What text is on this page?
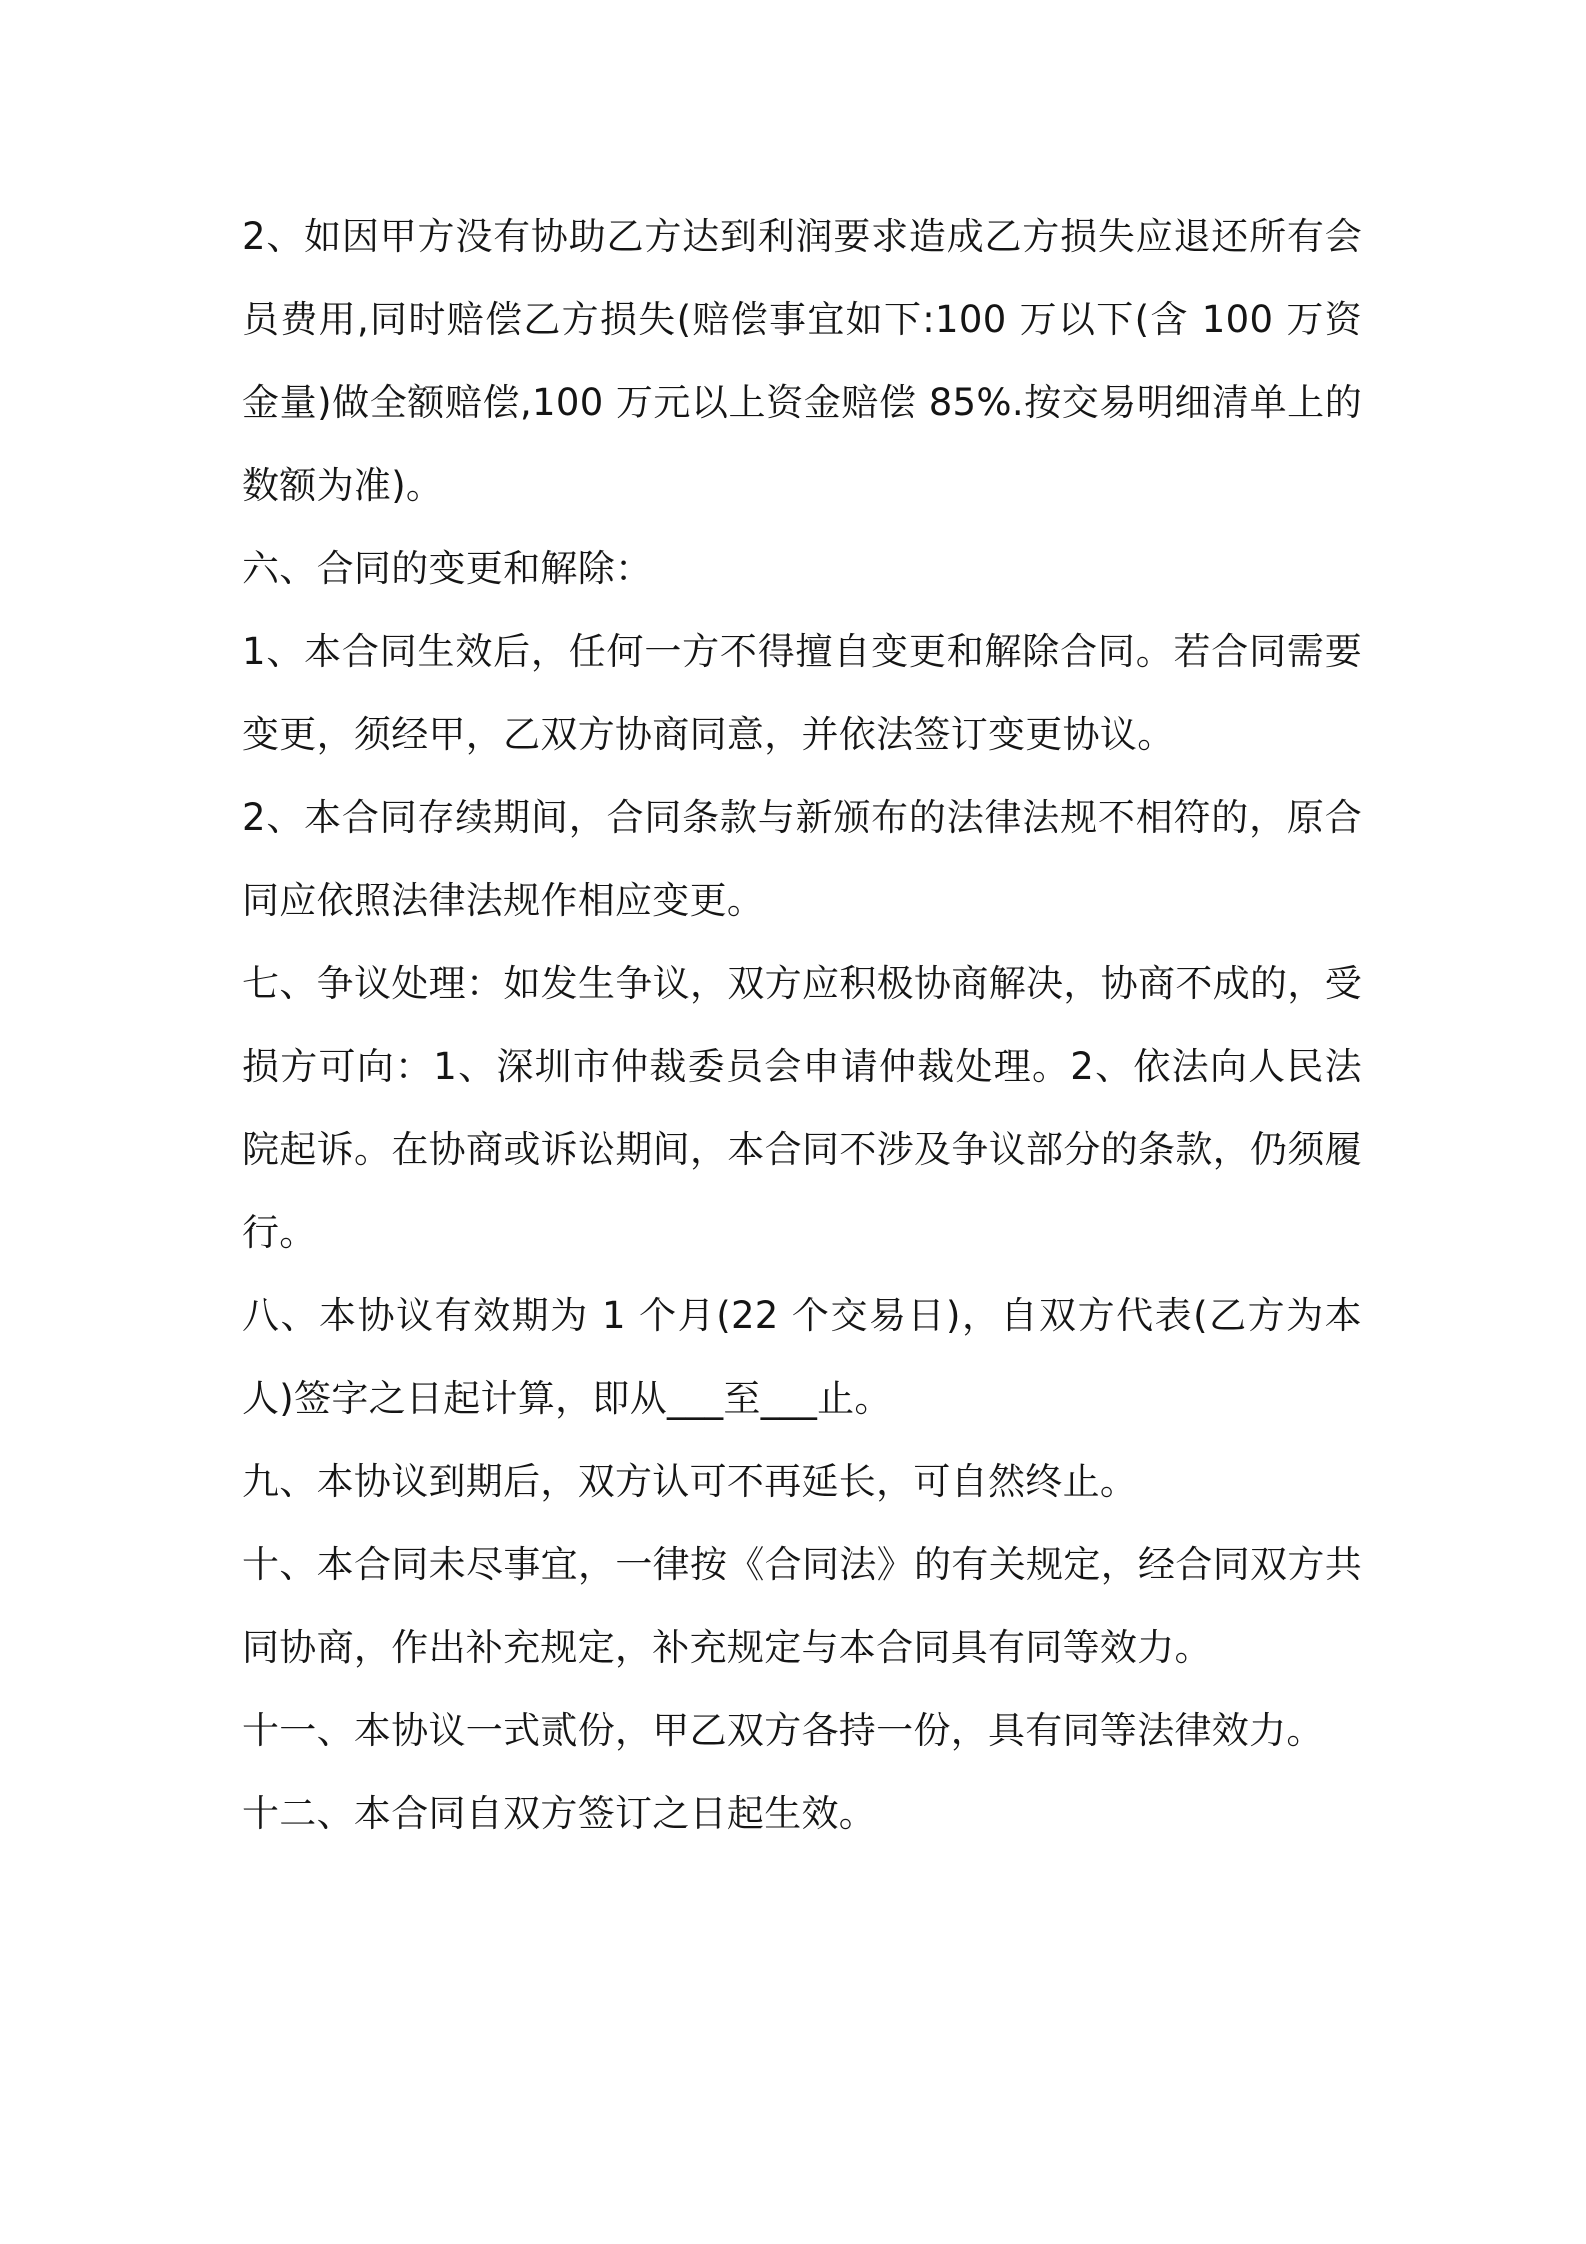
2、如因甲方没有协助乙方达到利润要求造成乙方损失应退还所有会员费用,同时赔偿乙方损失(赔偿事宜如下:100 万以下(含 100 万资金量)做全额赔偿,100 万元以上资金赔偿 85%.按交易明细清单上的数额为准)。

六、合同的变更和解除：

1、本合同生效后，任何一方不得擅自变更和解除合同。若合同需要变更，须经甲，乙双方协商同意，并依法签订变更协议。

2、本合同存续期间，合同条款与新颁布的法律法规不相符的，原合同应依照法律法规作相应变更。

七、争议处理：如发生争议，双方应积极协商解决，协商不成的，受损方可向：1、深圳市仲裁委员会申请仲裁处理。2、依法向人民法院起诉。在协商或诉讼期间，本合同不涉及争议部分的条款，仍须履行。

八、本协议有效期为 1 个月(22 个交易日)，自双方代表(乙方为本人)签字之日起计算，即从___至___止。

九、本协议到期后，双方认可不再延长，可自然终止。

十、本合同未尽事宜，一律按《合同法》的有关规定，经合同双方共同协商，作出补充规定，补充规定与本合同具有同等效力。

十一、本协议一式贰份，甲乙双方各持一份，具有同等法律效力。

十二、本合同自双方签订之日起生效。
